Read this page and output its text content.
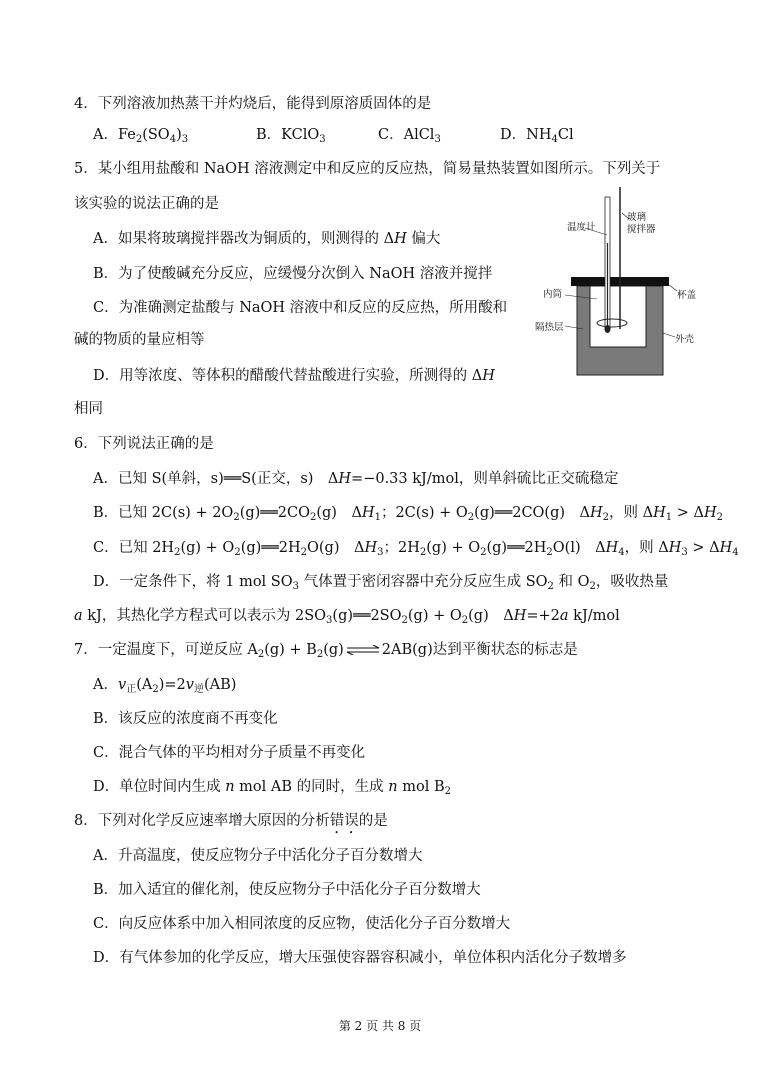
4．下列溶液加热蒸干并灼烧后，能得到原溶质固体的是
A．$Fe_2(SO_4)_3$	B．KClO$_3$	C．AlCl$_3$	D．$NH_4Cl$
5．某小组用盐酸和 NaOH 溶液测定中和反应的反应热，简易量热装置如图所示。下列关于
该实验的说法正确的是
A．如果将玻璃搅拌器改为铜质的，则测得的 ΔH 偏大
B．为了使酸碱充分反应，应缓慢分次倒入 NaOH 溶液并搅拌
C．为准确测定盐酸与 NaOH 溶液中和反应的反应热，所用酸和
碱的物质的量应相等
D．用等浓度、等体积的醋酸代替盐酸进行实验，所测得的 ΔH
相同
温度计
玻璃
搅拌器
内筒	杯盖
隔热层
外壳
6．下列说法正确的是
A．已知 S(单斜，s)══S(正交，s)　ΔH=−0.33 kJ/mol，则单斜硫比正交硫稳定
B．已知 $2C(s) + 2O_2(g)══2CO_2(g)$　$\Delta H_1$；$2C(s) + O_2(g)══2CO(g)$　$\Delta H_2$，则 $\Delta H_1 > \Delta H_2$
C．已知 $2H_2(g)$ + $O_2(g)══2H_2O(g)$　$\Delta H_3$；$2H_2(g)$ + $O_2(g)══2H_2O(l)$　$\Delta H_4$，则 $\Delta H_3 > \Delta H_4$
D．一定条件下，将 1 mol $SO_3$ 气体置于密闭容器中充分反应生成 $SO_2$ 和 $O_2$，吸收热量
a kJ，其热化学方程式可以表示为 $2SO_3(g)══2SO_2(g) + O_2(g)$　ΔH=+2a kJ/mol
7．一定温度下，可逆反应 $A_2(g) + B_2(g)$ ⇌ 2AB(g)达到平衡状态的标志是
A．$v_正(A_2)=2v_逆(AB)$
B．该反应的浓度商不再变化
C．混合气体的平均相对分子质量不再变化
D．单位时间内生成 n mol AB 的同时，生成 n mol $B_2$
8．下列对化学反应速率增大原因的分析错误的是
A．升高温度，使反应物分子中活化分子百分数增大
B．加入适宜的催化剂，使反应物分子中活化分子百分数增大
C．向反应体系中加入相同浓度的反应物，使活化分子百分数增大
D．有气体参加的化学反应，增大压强使容器容积减小，单位体积内活化分子数增多
第 2 页 共 8 页
